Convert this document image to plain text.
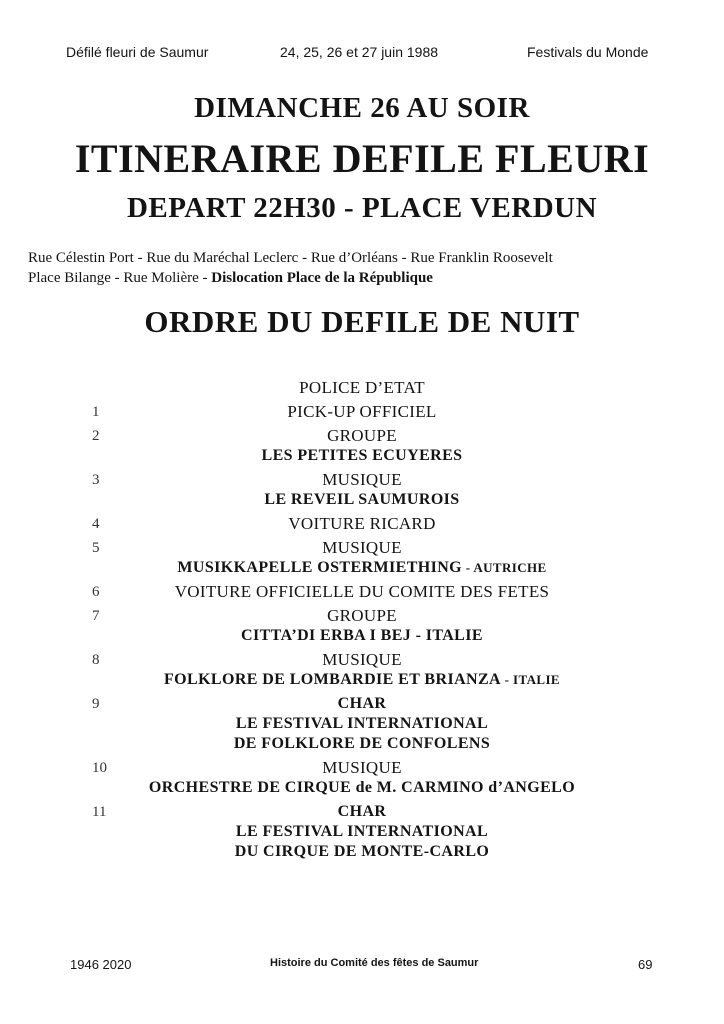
Défilé fleuri de Saumur	24, 25, 26 et 27 juin 1988	Festivals du Monde
DIMANCHE 26 AU SOIR
ITINERAIRE DEFILE FLEURI
DEPART 22H30 - PLACE VERDUN
Rue Célestin Port - Rue du Maréchal Leclerc - Rue d’Orléans - Rue Franklin Roosevelt
Place Bilange - Rue Molière - Dislocation Place de la République
ORDRE DU DEFILE DE NUIT
POLICE D’ETAT
1	PICK-UP OFFICIEL
2	GROUPE
LES PETITES ECUYERES
3	MUSIQUE
LE REVEIL SAUMUROIS
4	VOITURE RICARD
5	MUSIQUE
MUSIKKAPELLE OSTERMIETHING - AUTRICHE
6	VOITURE OFFICIELLE DU COMITE DES FETES
7	GROUPE
CITTA’DI ERBA I BEJ - ITALIE
8	MUSIQUE
FOLKLORE DE LOMBARDIE ET BRIANZA - ITALIE
9	CHAR
LE FESTIVAL INTERNATIONAL
DE FOLKLORE DE CONFOLENS
10	MUSIQUE
ORCHESTRE DE CIRQUE de M. CARMINO d’ANGELO
11	CHAR
LE FESTIVAL INTERNATIONAL
DU CIRQUE DE MONTE-CARLO
1946 2020	Histoire du Comité des fêtes de Saumur	69
